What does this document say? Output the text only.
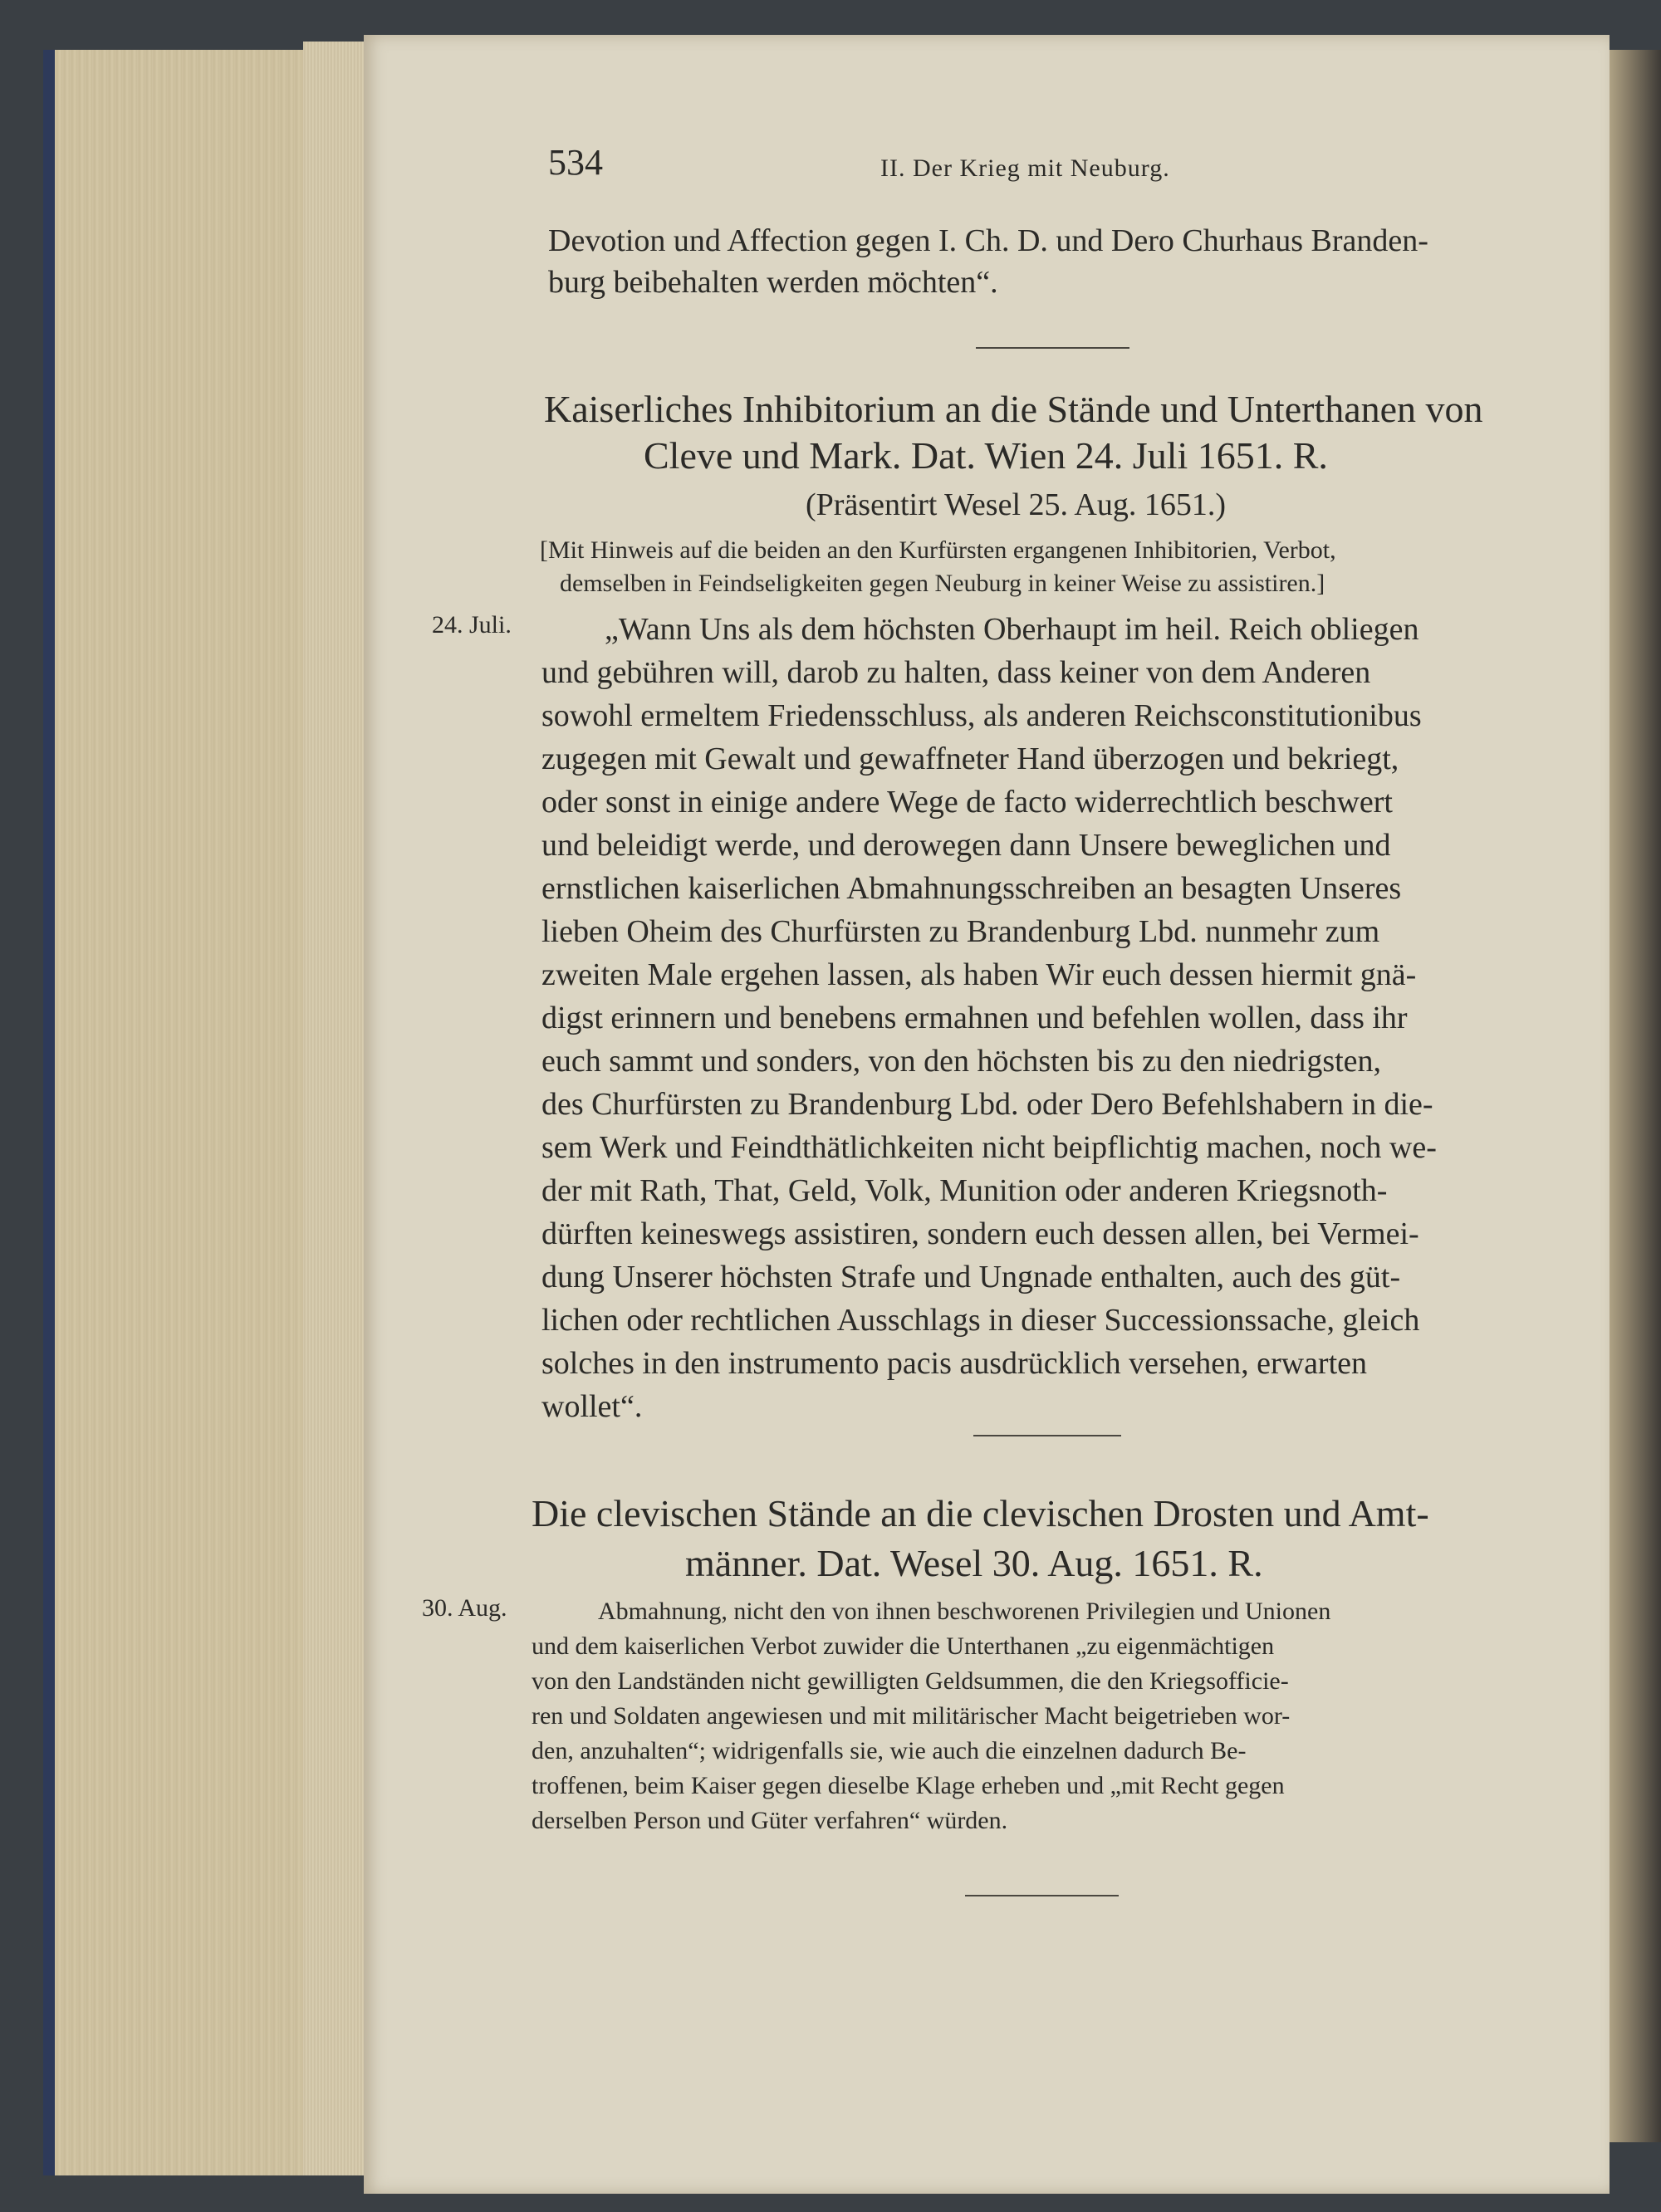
534	II. Der Krieg mit Neuburg.
Devotion und Affection gegen I. Ch. D. und Dero Churhaus Branden-
burg beibehalten werden möchten“.
Kaiserliches Inhibitorium an die Stände und Unterthanen von
Cleve und Mark. Dat. Wien 24. Juli 1651. R.
(Präsentirt Wesel 25. Aug. 1651.)
[Mit Hinweis auf die beiden an den Kurfürsten ergangenen Inhibitorien, Verbot,
demselben in Feindseligkeiten gegen Neuburg in keiner Weise zu assistiren.]
24. Juli.	„Wann Uns als dem höchsten Oberhaupt im heil. Reich obliegen
und gebühren will, darob zu halten, dass keiner von dem Anderen
sowohl ermeltem Friedensschluss, als anderen Reichsconstitutionibus
zugegen mit Gewalt und gewaffneter Hand überzogen und bekriegt,
oder sonst in einige andere Wege de facto widerrechtlich beschwert
und beleidigt werde, und derowegen dann Unsere beweglichen und
ernstlichen kaiserlichen Abmahnungsschreiben an besagten Unseres
lieben Oheim des Churfürsten zu Brandenburg Lbd. nunmehr zum
zweiten Male ergehen lassen, als haben Wir euch dessen hiermit gnä-
digst erinnern und benebens ermahnen und befehlen wollen, dass ihr
euch sammt und sonders, von den höchsten bis zu den niedrigsten,
des Churfürsten zu Brandenburg Lbd. oder Dero Befehlshabern in die-
sem Werk und Feindthätlichkeiten nicht beipflichtig machen, noch we-
der mit Rath, That, Geld, Volk, Munition oder anderen Kriegsnoth-
dürften keineswegs assistiren, sondern euch dessen allen, bei Vermei-
dung Unserer höchsten Strafe und Ungnade enthalten, auch des güt-
lichen oder rechtlichen Ausschlags in dieser Successionssache, gleich
solches in den instrumento pacis ausdrücklich versehen, erwarten
wollet“.
Die clevischen Stände an die clevischen Drosten und Amt-
männer. Dat. Wesel 30. Aug. 1651. R.
30. Aug.	Abmahnung, nicht den von ihnen beschworenen Privilegien und Unionen
und dem kaiserlichen Verbot zuwider die Unterthanen „zu eigenmächtigen
von den Landständen nicht gewilligten Geldsummen, die den Kriegsofficie-
ren und Soldaten angewiesen und mit militärischer Macht beigetrieben wor-
den, anzuhalten“; widrigenfalls sie, wie auch die einzelnen dadurch Be-
troffenen, beim Kaiser gegen dieselbe Klage erheben und „mit Recht gegen
derselben Person und Güter verfahren“ würden.
